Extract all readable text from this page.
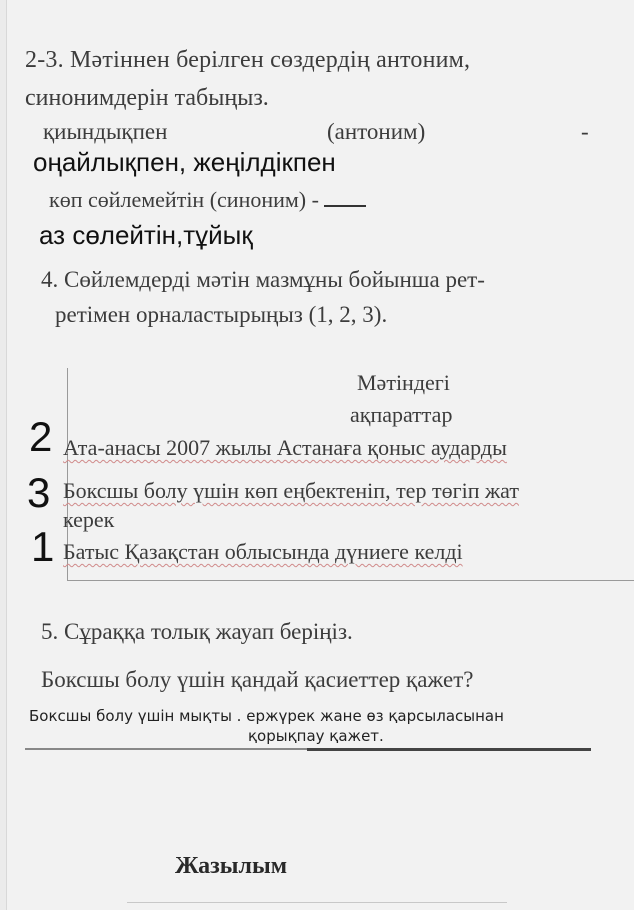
2-3. Мәтіннен берілген сөздердің антоним,
синонимдерін табыңыз.
қиындықпен	(антоним)	-
оңайлықпен, жеңілдікпен
көп сөйлемейтін (синоним) -
аз сөлейтін,тұйық
4. Сөйлемдерді мәтін мазмұны бойынша рет-
ретімен орналастырыңыз (1, 2, 3).
Мәтіндегі
ақпараттар
2 Ата-анасы 2007 жылы Астанаға қоныс аударды
3 Боксшы болу үшін көп еңбектеніп, тер төгіп жат
керек
1 Батыс Қазақстан облысында дүниеге келді
5. Сұраққа толық жауап беріңіз.
Боксшы болу үшін қандай қасиеттер қажет?
Боксшы болу үшін мықты . ержүрек жане өз қарсыласынан
қорықпау қажет.
Жазылым
